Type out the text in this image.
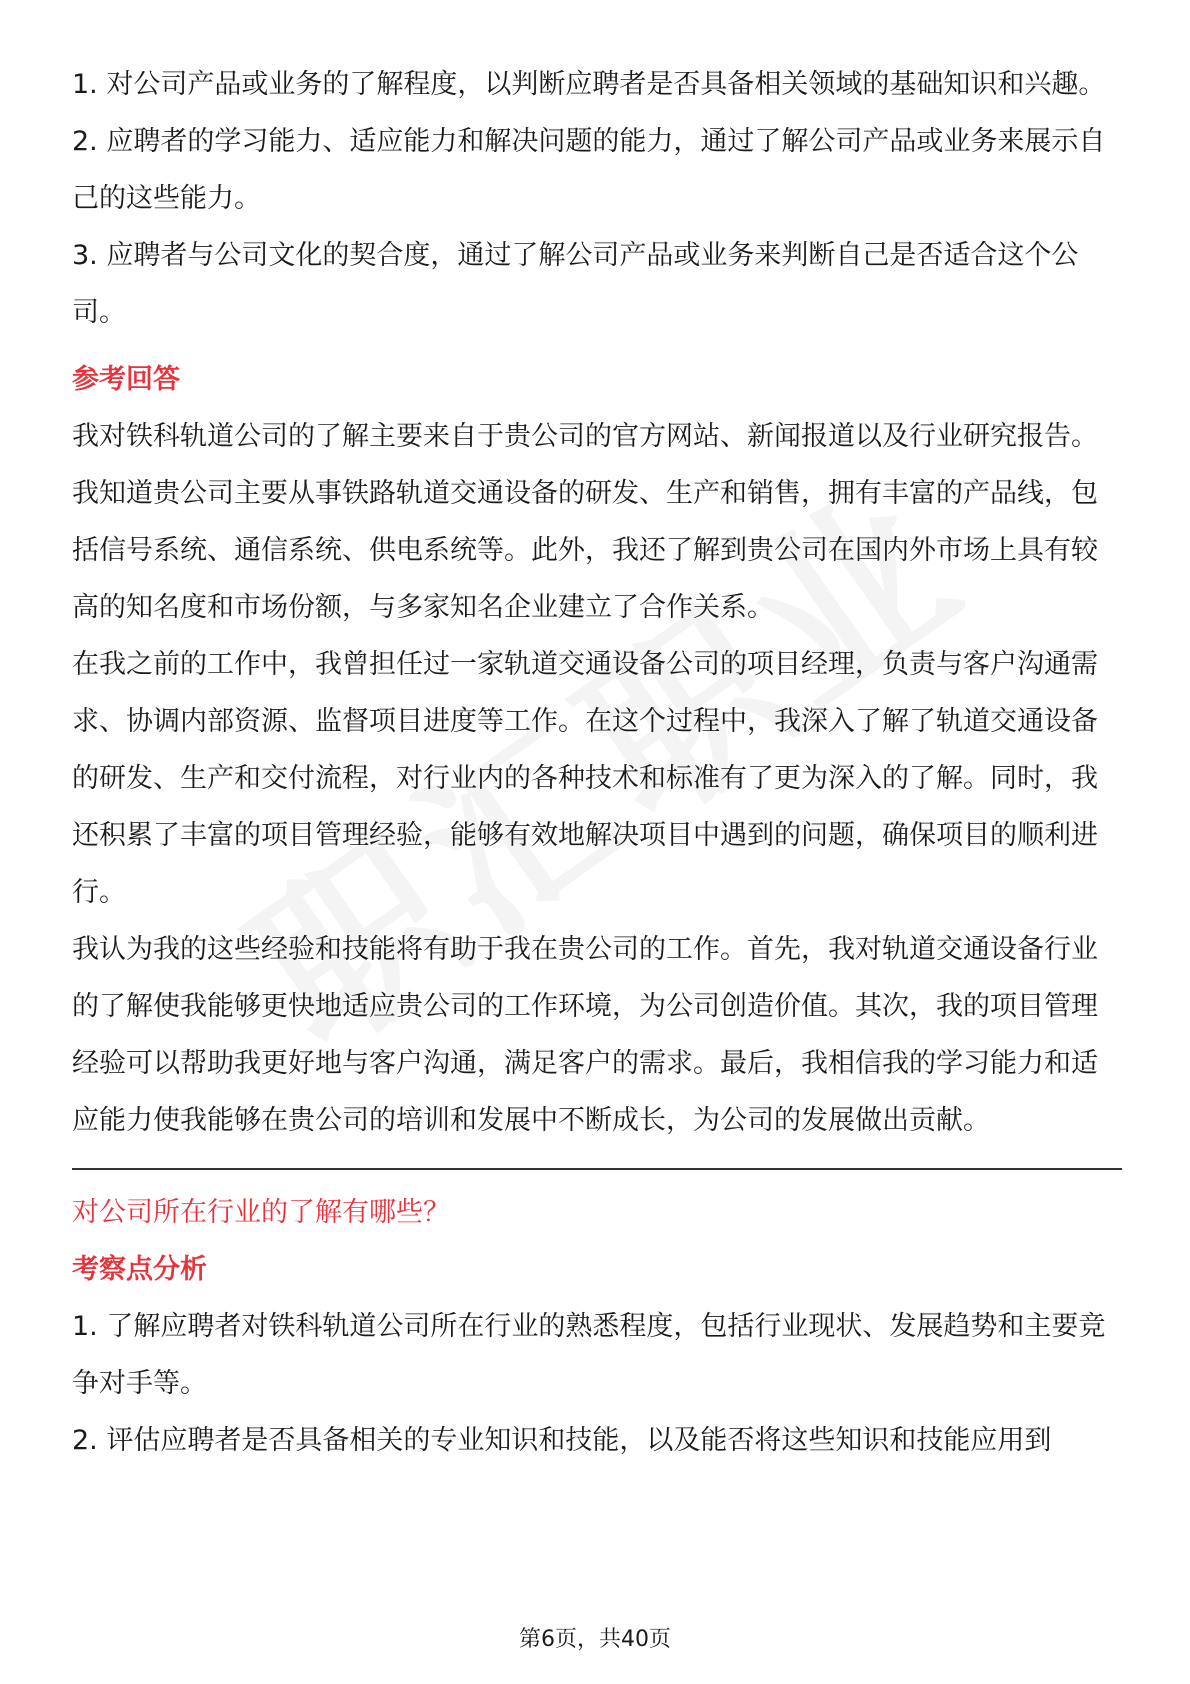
1. 对公司产品或业务的了解程度，以判断应聘者是否具备相关领域的基础知识和兴趣。

2. 应聘者的学习能力、适应能力和解决问题的能力，通过了解公司产品或业务来展示自己的这些能力。

3. 应聘者与公司文化的契合度，通过了解公司产品或业务来判断自己是否适合这个公司。

参考回答

我对铁科轨道公司的了解主要来自于贵公司的官方网站、新闻报道以及行业研究报告。我知道贵公司主要从事铁路轨道交通设备的研发、生产和销售，拥有丰富的产品线，包括信号系统、通信系统、供电系统等。此外，我还了解到贵公司在国内外市场上具有较高的知名度和市场份额，与多家知名企业建立了合作关系。

在我之前的工作中，我曾担任过一家轨道交通设备公司的项目经理，负责与客户沟通需求、协调内部资源、监督项目进度等工作。在这个过程中，我深入了解了轨道交通设备的研发、生产和交付流程，对行业内的各种技术和标准有了更为深入的了解。同时，我还积累了丰富的项目管理经验，能够有效地解决项目中遇到的问题，确保项目的顺利进行。

我认为我的这些经验和技能将有助于我在贵公司的工作。首先，我对轨道交通设备行业的了解使我能够更快地适应贵公司的工作环境，为公司创造价值。其次，我的项目管理经验可以帮助我更好地与客户沟通，满足客户的需求。最后，我相信我的学习能力和适应能力使我能够在贵公司的培训和发展中不断成长，为公司的发展做出贡献。

对公司所在行业的了解有哪些？

考察点分析

1. 了解应聘者对铁科轨道公司所在行业的熟悉程度，包括行业现状、发展趋势和主要竞争对手等。

2. 评估应聘者是否具备相关的专业知识和技能，以及能否将这些知识和技能应用到

第6页，共40页
